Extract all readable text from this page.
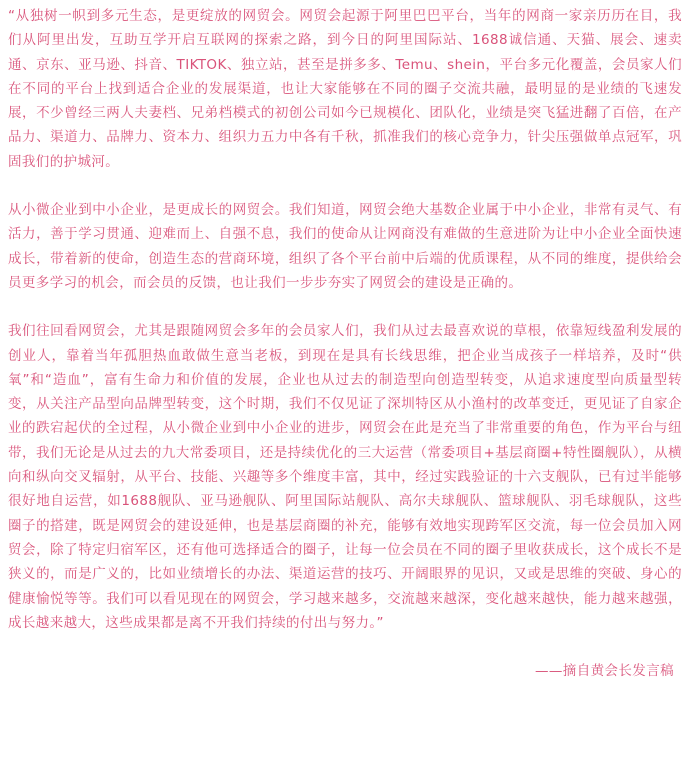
“从独树一帜到多元生态，是更绽放的网贸会。网贸会起源于阿里巴巴平台，当年的网商一家亲历历在目，我们从阿里出发，互助互学开启互联网的探索之路，到今日的阿里国际站、1688诚信通、天猫、展会、速卖通、京东、亚马逊、抖音、TIKTOK、独立站，甚至是拼多多、Temu、shein，平台多元化覆盖，会员家人们在不同的平台上找到适合企业的发展渠道，也让大家能够在不同的圈子交流共融，最明显的是业绩的飞速发展，不少曾经三两人夫妻档、兄弟档模式的初创公司如今已规模化、团队化，业绩是突飞猛进翻了百倍，在产品力、渠道力、品牌力、资本力、组织力五力中各有千秋，抓准我们的核心竞争力，针尖压强做单点冠军，巩固我们的护城河。

从小微企业到中小企业，是更成长的网贸会。我们知道，网贸会绝大基数企业属于中小企业，非常有灵气、有活力，善于学习贯通、迎难而上、自强不息，我们的使命从让网商没有难做的生意进阶为让中小企业全面快速成长，带着新的使命，创造生态的营商环境，组织了各个平台前中后端的优质课程，从不同的维度，提供给会员更多学习的机会，而会员的反馈，也让我们一步步夯实了网贸会的建设是正确的。

我们往回看网贸会，尤其是跟随网贸会多年的会员家人们，我们从过去最喜欢说的草根，依靠短线盈利发展的创业人，靠着当年孤胆热血敢做生意当老板，到现在是具有长线思维，把企业当成孩子一样培养，及时“供氧”和“造血”，富有生命力和价值的发展，企业也从过去的制造型向创造型转变，从追求速度型向质量型转变，从关注产品型向品牌型转变，这个时期，我们不仅见证了深圳特区从小渔村的改革变迁，更见证了自家企业的跌宕起伏的全过程，从小微企业到中小企业的进步，网贸会在此是充当了非常重要的角色，作为平台与纽带，我们无论是从过去的九大常委项目，还是持续优化的三大运营（常委项目+基层商圈+特性圈舰队），从横向和纵向交叉辐射，从平台、技能、兴趣等多个维度丰富，其中，经过实践验证的十六支舰队，已有过半能够很好地自运营，如1688舰队、亚马逊舰队、阿里国际站舰队、高尔夫球舰队、篮球舰队、羽毛球舰队，这些圈子的搭建，既是网贸会的建设延伸，也是基层商圈的补充，能够有效地实现跨军区交流，每一位会员加入网贸会，除了特定归宿军区，还有他可选择适合的圈子，让每一位会员在不同的圈子里收获成长，这个成长不是狭义的，而是广义的，比如业绩增长的办法、渠道运营的技巧、开阔眼界的见识，又或是思维的突破、身心的健康愉悦等等。我们可以看见现在的网贸会，学习越来越多，交流越来越深，变化越来越快，能力越来越强，成长越来越大，这些成果都是离不开我们持续的付出与努力。”

——摘自黄会长发言稿
